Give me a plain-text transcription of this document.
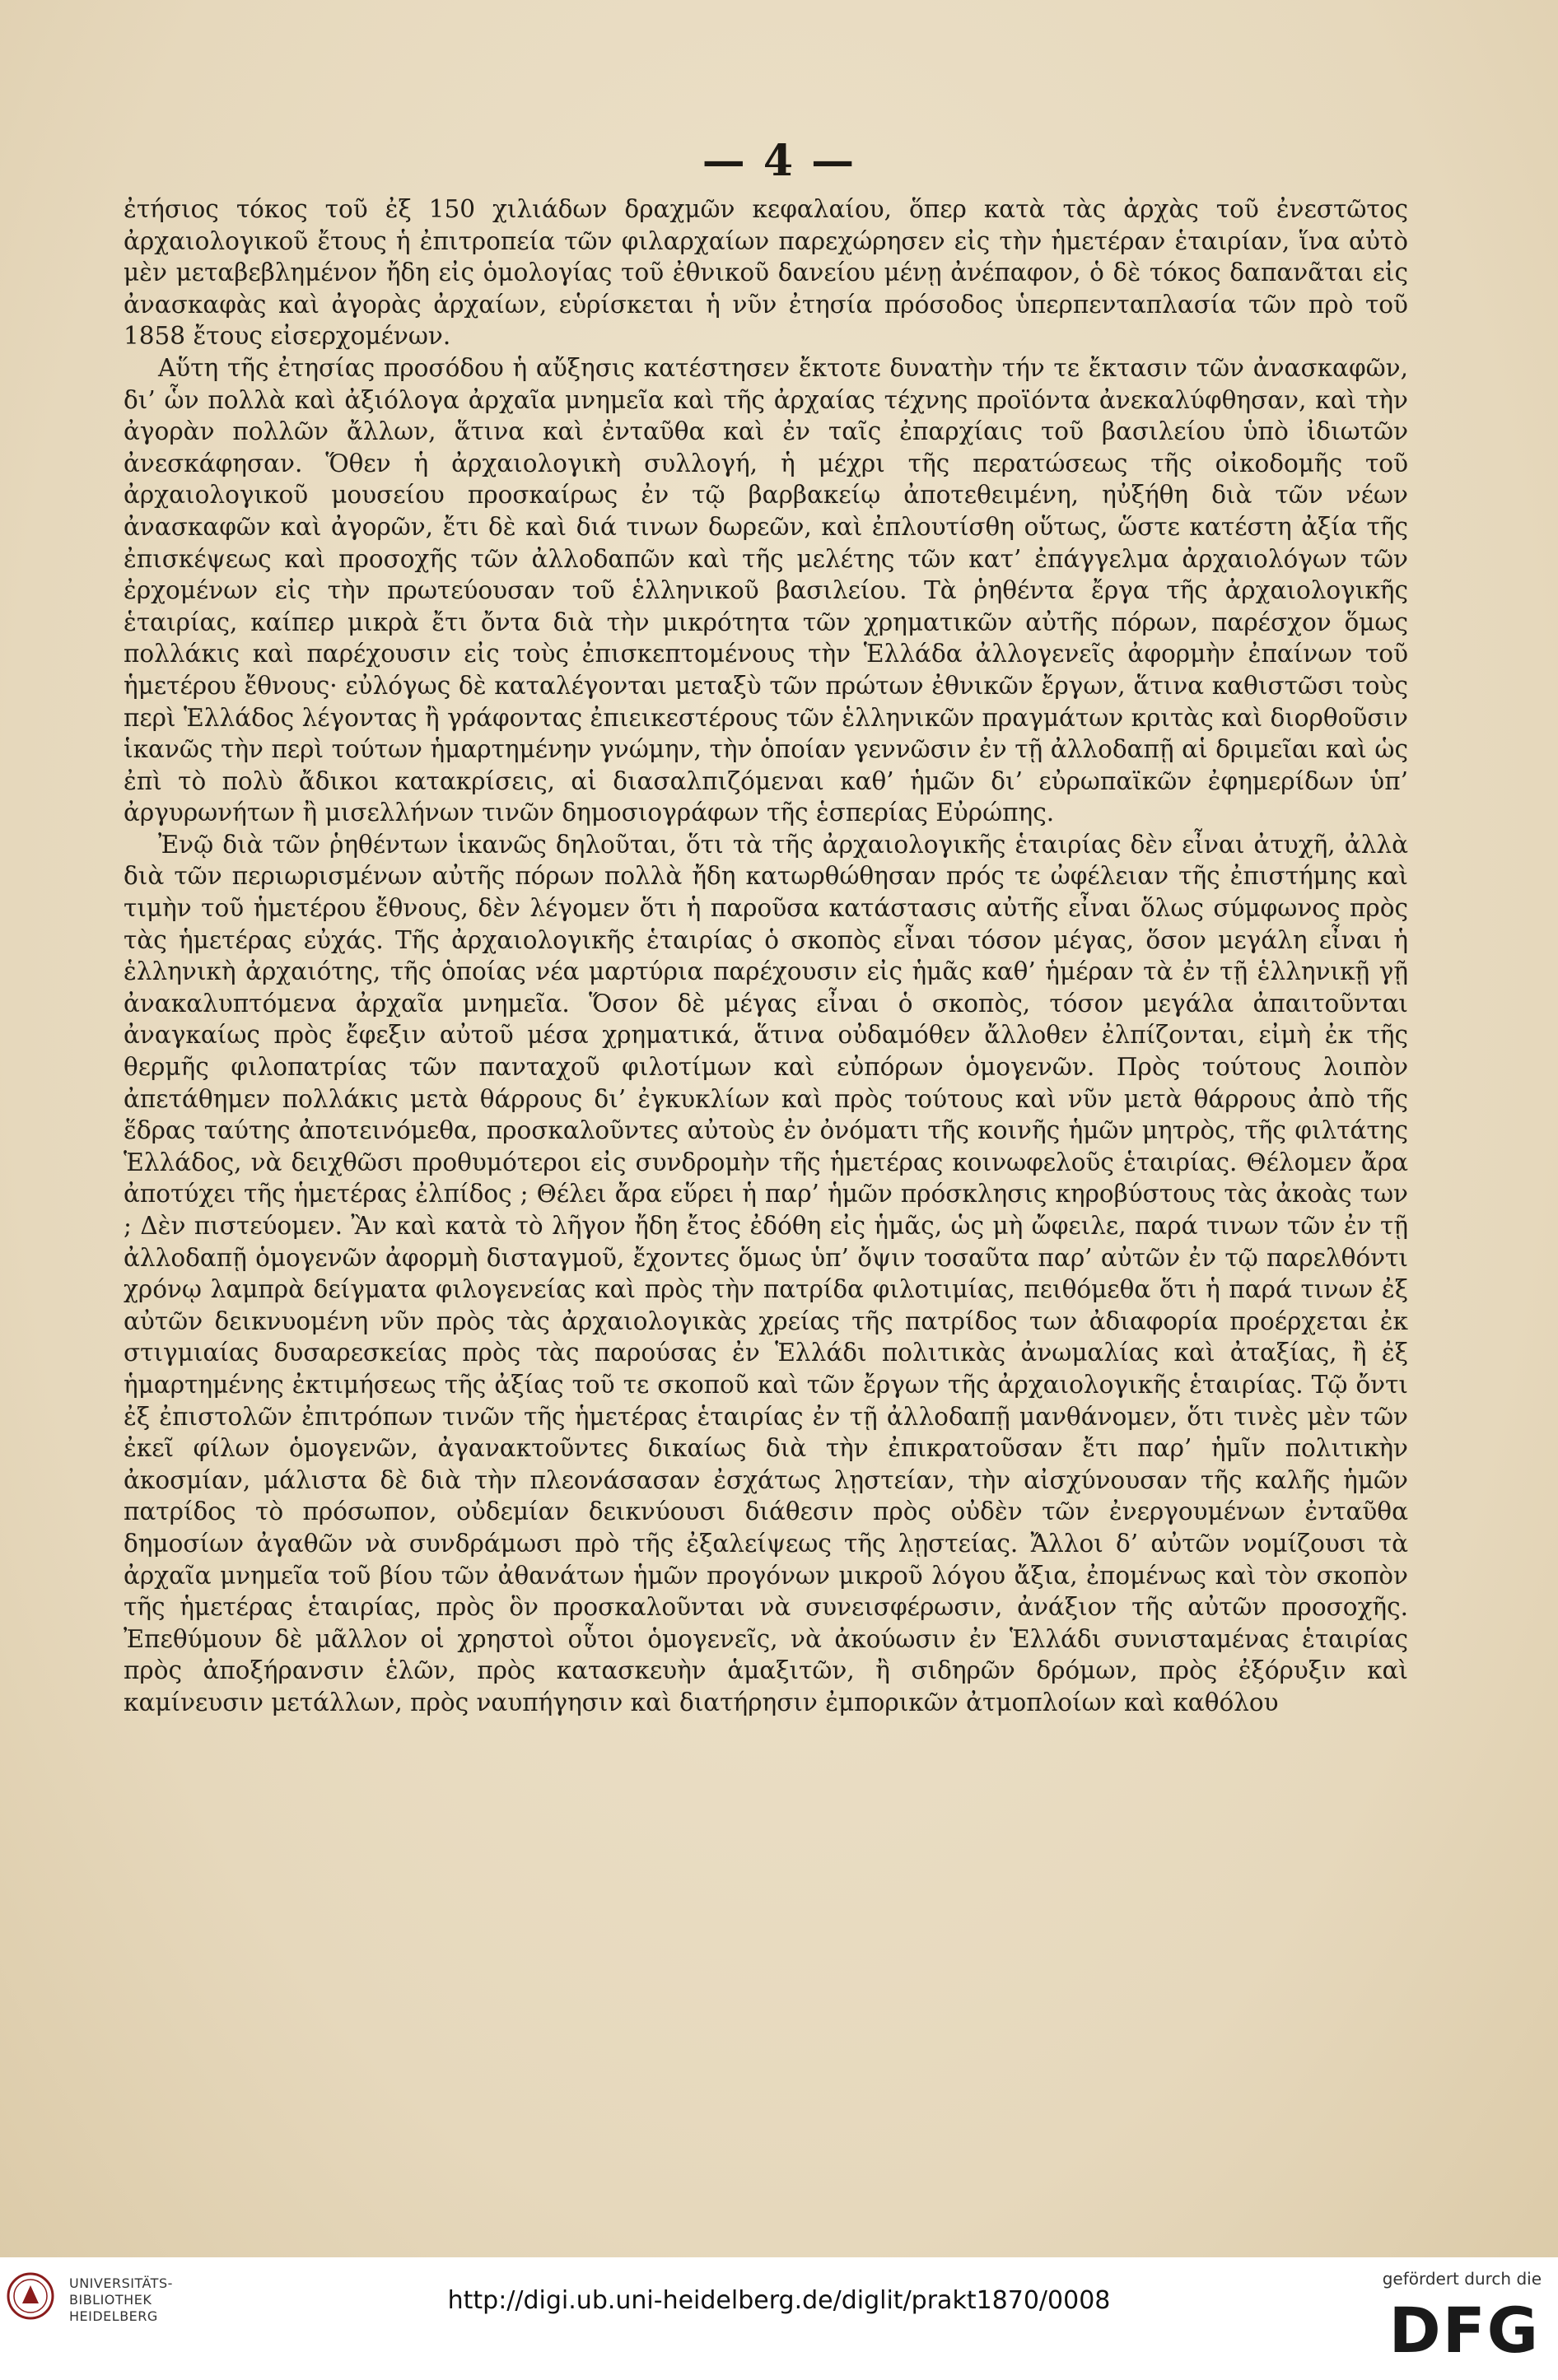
— 4 —

ἐτήσιος τόκος τοῦ ἐξ 150 χιλιάδων δραχμῶν κεφαλαίου, ὅπερ κατὰ τὰς ἀρχὰς τοῦ ἐνεστῶτος ἀρχαιολογικοῦ ἔτους ἡ ἐπιτροπεία τῶν φιλαρχαίων παρεχώρησεν εἰς τὴν ἡμετέραν ἑταιρίαν, ἵνα αὐτὸ μὲν μεταβεβλημένον ἤδη εἰς ὁμολογίας τοῦ ἐθνικοῦ δανείου μένῃ ἀνέπαφον, ὁ δὲ τόκος δαπανᾶται εἰς ἀνασκαφὰς καὶ ἀγορὰς ἀρχαίων, εὑρίσκεται ἡ νῦν ἐτησία πρόσοδος ὑπερπενταπλασία τῶν πρὸ τοῦ 1858 ἔτους εἰσερχομένων.

Αὕτη τῆς ἐτησίας προσόδου ἡ αὔξησις κατέστησεν ἔκτοτε δυνατὴν τήν τε ἔκτασιν τῶν ἀνασκαφῶν, δι’ ὧν πολλὰ καὶ ἀξιόλογα ἀρχαῖα μνημεῖα καὶ τῆς ἀρχαίας τέχνης προϊόντα ἀνεκαλύφθησαν, καὶ τὴν ἀγορὰν πολλῶν ἄλλων, ἅτινα καὶ ἐνταῦθα καὶ ἐν ταῖς ἐπαρχίαις τοῦ βασιλείου ὑπὸ ἰδιωτῶν ἀνεσκάφησαν. Ὅθεν ἡ ἀρχαιολογικὴ συλλογή, ἡ μέχρι τῆς περατώσεως τῆς οἰκοδομῆς τοῦ ἀρχαιολογικοῦ μουσείου προσκαίρως ἐν τῷ βαρβακείῳ ἀποτεθειμένη, ηὐξήθη διὰ τῶν νέων ἀνασκαφῶν καὶ ἀγορῶν, ἔτι δὲ καὶ διά τινων δωρεῶν, καὶ ἐπλουτίσθη οὕτως, ὥστε κατέστη ἀξία τῆς ἐπισκέψεως καὶ προσοχῆς τῶν ἀλλοδαπῶν καὶ τῆς μελέτης τῶν κατ’ ἐπάγγελμα ἀρχαιολόγων τῶν ἐρχομένων εἰς τὴν πρωτεύουσαν τοῦ ἑλληνικοῦ βασιλείου. Τὰ ῥηθέντα ἔργα τῆς ἀρχαιολογικῆς ἑταιρίας, καίπερ μικρὰ ἔτι ὄντα διὰ τὴν μικρότητα τῶν χρηματικῶν αὐτῆς πόρων, παρέσχον ὅμως πολλάκις καὶ παρέχουσιν εἰς τοὺς ἐπισκεπτομένους τὴν Ἑλλάδα ἀλλογενεῖς ἀφορμὴν ἐπαίνων τοῦ ἡμετέρου ἔθνους· εὐλόγως δὲ καταλέγονται μεταξὺ τῶν πρώτων ἐθνικῶν ἔργων, ἅτινα καθιστῶσι τοὺς περὶ Ἑλλάδος λέγοντας ἢ γράφοντας ἐπιεικεστέρους τῶν ἑλληνικῶν πραγμάτων κριτὰς καὶ διορθοῦσιν ἱκανῶς τὴν περὶ τούτων ἡμαρτημένην γνώμην, τὴν ὁποίαν γεννῶσιν ἐν τῇ ἀλλοδαπῇ αἱ δριμεῖαι καὶ ὡς ἐπὶ τὸ πολὺ ἄδικοι κατακρίσεις, αἱ διασαλπιζόμεναι καθ’ ἡμῶν δι’ εὐρωπαϊκῶν ἐφημερίδων ὑπ’ ἀργυρωνήτων ἢ μισελλήνων τινῶν δημοσιογράφων τῆς ἑσπερίας Εὐρώπης.

Ἐνῷ διὰ τῶν ῥηθέντων ἱκανῶς δηλοῦται, ὅτι τὰ τῆς ἀρχαιολογικῆς ἑταιρίας δὲν εἶναι ἀτυχῆ, ἀλλὰ διὰ τῶν περιωρισμένων αὐτῆς πόρων πολλὰ ἤδη κατωρθώθησαν πρός τε ὠφέλειαν τῆς ἐπιστήμης καὶ τιμὴν τοῦ ἡμετέρου ἔθνους, δὲν λέγομεν ὅτι ἡ παροῦσα κατάστασις αὐτῆς εἶναι ὅλως σύμφωνος πρὸς τὰς ἡμετέρας εὐχάς. Τῆς ἀρχαιολογικῆς ἑταιρίας ὁ σκοπὸς εἶναι τόσον μέγας, ὅσον μεγάλη εἶναι ἡ ἑλληνικὴ ἀρχαιότης, τῆς ὁποίας νέα μαρτύρια παρέχουσιν εἰς ἡμᾶς καθ’ ἡμέραν τὰ ἐν τῇ ἑλληνικῇ γῇ ἀνακαλυπτόμενα ἀρχαῖα μνημεῖα. Ὅσον δὲ μέγας εἶναι ὁ σκοπὸς, τόσον μεγάλα ἀπαιτοῦνται ἀναγκαίως πρὸς ἔφεξιν αὐτοῦ μέσα χρηματικά, ἅτινα οὐδαμόθεν ἄλλοθεν ἐλπίζονται, εἰμὴ ἐκ τῆς θερμῆς φιλοπατρίας τῶν πανταχοῦ φιλοτίμων καὶ εὐπόρων ὁμογενῶν. Πρὸς τούτους λοιπὸν ἀπετάθημεν πολλάκις μετὰ θάρρους δι’ ἐγκυκλίων καὶ πρὸς τούτους καὶ νῦν μετὰ θάρρους ἀπὸ τῆς ἕδρας ταύτης ἀποτεινόμεθα, προσκαλοῦντες αὐτοὺς ἐν ὀνόματι τῆς κοινῆς ἡμῶν μητρὸς, τῆς φιλτάτης Ἑλλάδος, νὰ δειχθῶσι προθυμότεροι εἰς συνδρομὴν τῆς ἡμετέρας κοινωφελοῦς ἑταιρίας. Θέλομεν ἄρα ἀποτύχει τῆς ἡμετέρας ἐλπίδος ; Θέλει ἄρα εὕρει ἡ παρ’ ἡμῶν πρόσκλησις κηροβύστους τὰς ἀκοὰς των ; Δὲν πιστεύομεν. Ἂν καὶ κατὰ τὸ λῆγον ἤδη ἔτος ἐδόθη εἰς ἡμᾶς, ὡς μὴ ὤφειλε, παρά τινων τῶν ἐν τῇ ἀλλοδαπῇ ὁμογενῶν ἀφορμὴ δισταγμοῦ, ἔχοντες ὅμως ὑπ’ ὄψιν τοσαῦτα παρ’ αὐτῶν ἐν τῷ παρελθόντι χρόνῳ λαμπρὰ δείγματα φιλογενείας καὶ πρὸς τὴν πατρίδα φιλοτιμίας, πειθόμεθα ὅτι ἡ παρά τινων ἐξ αὐτῶν δεικνυομένη νῦν πρὸς τὰς ἀρχαιολογικὰς χρείας τῆς πατρίδος των ἀδιαφορία προέρχεται ἐκ στιγμιαίας δυσαρεσκείας πρὸς τὰς παρούσας ἐν Ἑλλάδι πολιτικὰς ἀνωμαλίας καὶ ἀταξίας, ἢ ἐξ ἡμαρτημένης ἐκτιμήσεως τῆς ἀξίας τοῦ τε σκοποῦ καὶ τῶν ἔργων τῆς ἀρχαιολογικῆς ἑταιρίας. Τῷ ὄντι ἐξ ἐπιστολῶν ἐπιτρόπων τινῶν τῆς ἡμετέρας ἑταιρίας ἐν τῇ ἀλλοδαπῇ μανθάνομεν, ὅτι τινὲς μὲν τῶν ἐκεῖ φίλων ὁμογενῶν, ἀγανακτοῦντες δικαίως διὰ τὴν ἐπικρατοῦσαν ἔτι παρ’ ἡμῖν πολιτικὴν ἀκοσμίαν, μάλιστα δὲ διὰ τὴν πλεονάσασαν ἐσχάτως λῃστείαν, τὴν αἰσχύνουσαν τῆς καλῆς ἡμῶν πατρίδος τὸ πρόσωπον, οὐδεμίαν δεικνύουσι διάθεσιν πρὸς οὐδὲν τῶν ἐνεργουμένων ἐνταῦθα δημοσίων ἀγαθῶν νὰ συνδράμωσι πρὸ τῆς ἐξαλείψεως τῆς λῃστείας. Ἄλλοι δ’ αὐτῶν νομίζουσι τὰ ἀρχαῖα μνημεῖα τοῦ βίου τῶν ἀθανάτων ἡμῶν προγόνων μικροῦ λόγου ἄξια, ἐπομένως καὶ τὸν σκοπὸν τῆς ἡμετέρας ἑταιρίας, πρὸς ὃν προσκαλοῦνται νὰ συνεισφέρωσιν, ἀνάξιον τῆς αὐτῶν προσοχῆς. Ἐπεθύμουν δὲ μᾶλλον οἱ χρηστοὶ οὗτοι ὁμογενεῖς, νὰ ἀκούωσιν ἐν Ἑλλάδι συνισταμένας ἑταιρίας πρὸς ἀποξήρανσιν ἑλῶν, πρὸς κατασκευὴν ἁμαξιτῶν, ἢ σιδηρῶν δρόμων, πρὸς ἐξόρυξιν καὶ καμίνευσιν μετάλλων, πρὸς ναυπήγησιν καὶ διατήρησιν ἐμπορικῶν ἀτμοπλοίων καὶ καθόλου

UNIVERSITÄTS-
BIBLIOTHEK
HEIDELBERG
http://digi.ub.uni-heidelberg.de/diglit/prakt1870/0008
gefördert durch die
DFG
